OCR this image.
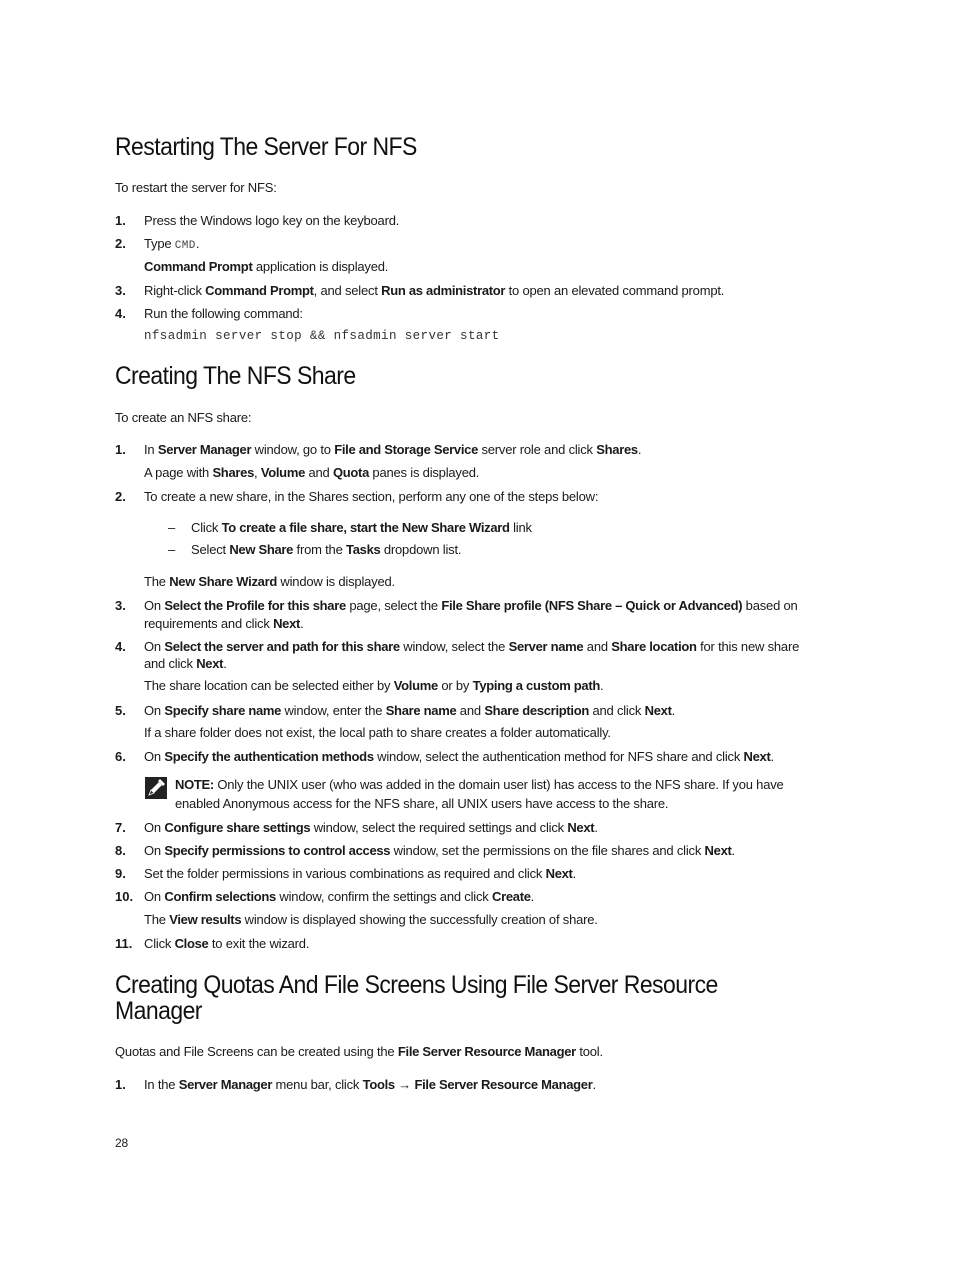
Restarting The Server For NFS

To restart the server for NFS:

1. Press the Windows logo key on the keyboard.

2. Type CMD.

Command Prompt application is displayed.

3. Right-click Command Prompt, and select Run as administrator to open an elevated command prompt.

4. Run the following command:

nfsadmin server stop && nfsadmin server start

Creating The NFS Share

To create an NFS share:

1. In Server Manager window, go to File and Storage Service server role and click Shares.

A page with Shares, Volume and Quota panes is displayed.

2. To create a new share, in the Shares section, perform any one of the steps below:

– Click To create a file share, start the New Share Wizard link

– Select New Share from the Tasks dropdown list.

The New Share Wizard window is displayed.

3. On Select the Profile for this share page, select the File Share profile (NFS Share – Quick or Advanced) based on

requirements and click Next.

4. On Select the server and path for this share window, select the Server name and Share location for this new share

and click Next.

The share location can be selected either by Volume or by Typing a custom path.

5. On Specify share name window, enter the Share name and Share description and click Next.

If a share folder does not exist, the local path to share creates a folder automatically.

6. On Specify the authentication methods window, select the authentication method for NFS share and click Next.

NOTE: Only the UNIX user (who was added in the domain user list) has access to the NFS share. If you have

enabled Anonymous access for the NFS share, all UNIX users have access to the share.

7. On Configure share settings window, select the required settings and click Next.

8. On Specify permissions to control access window, set the permissions on the file shares and click Next.

9. Set the folder permissions in various combinations as required and click Next.

10. On Confirm selections window, confirm the settings and click Create.

The View results window is displayed showing the successfully creation of share.

11. Click Close to exit the wizard.

Creating Quotas And File Screens Using File Server Resource
Manager

Quotas and File Screens can be created using the File Server Resource Manager tool.

1. In the Server Manager menu bar, click Tools → File Server Resource Manager.

28
